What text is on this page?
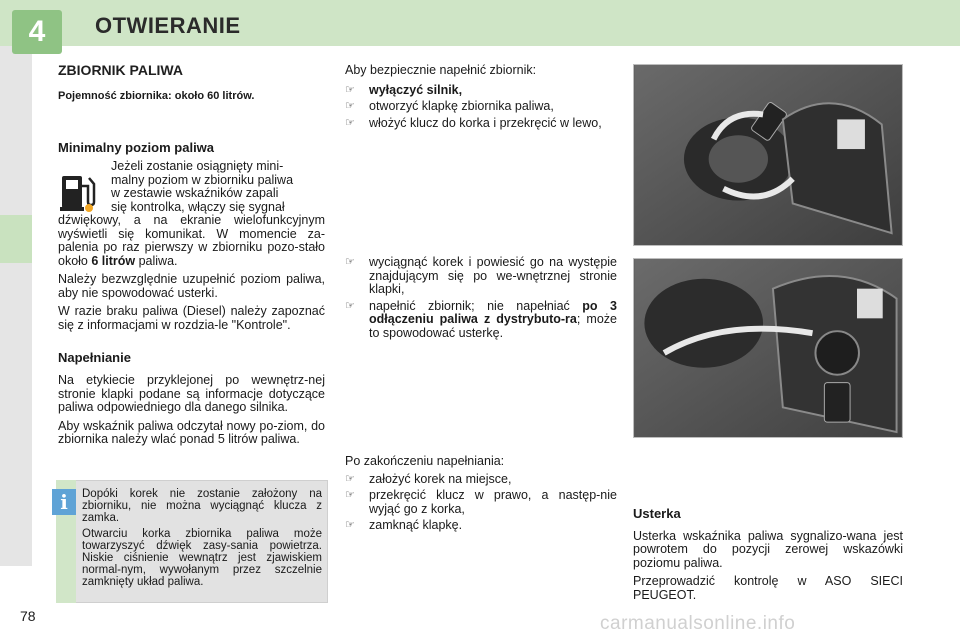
4	OTWIERANIE
ZBIORNIK PALIWA
Pojemność zbiornika: około 60 litrów.
Minimalny poziom paliwa

Jeżeli zostanie osiągnięty mini-

malny poziom w zbiorniku paliwa

w zestawie wskaźników zapali

się kontrolka, włączy się sygnał

dźwiękowy, a na ekranie wielofunkcyjnym wyświetli się komunikat. W momencie za-palenia po raz pierwszy w zbiorniku pozo-stało około 6 litrów paliwa.

Należy bezwzględnie uzupełnić poziom paliwa, aby nie spowodować usterki.

W razie braku paliwa (Diesel) należy zapoznać się z informacjami w rozdzia-le "Kontrole".

Napełnianie

Na etykiecie przyklejonej po wewnętrz-nej stronie klapki podane są informacje dotyczące paliwa odpowiedniego dla danego silnika.

Aby wskaźnik paliwa odczytał nowy po-ziom, do zbiornika należy wlać ponad 5 litrów paliwa.

i	Dopóki korek nie zostanie założony na zbiorniku, nie można wyciągnąć klucza z zamka.

Otwarciu korka zbiornika paliwa może towarzyszyć dźwięk zasy-sania powietrza. Niskie ciśnienie wewnątrz jest zjawiskiem normal-nym, wywołanym przez szczelnie zamknięty układ paliwa.

Aby bezpiecznie napełnić zbiornik:

☞	wyłączyć silnik,
☞	otworzyć klapkę zbiornika paliwa,
☞	włożyć klucz do korka i przekręcić w lewo,
☞	wyciągnąć korek i powiesić go na występie znajdującym się po we-wnętrznej stronie klapki,
☞	napełnić zbiornik; nie napełniać po 3 odłączeniu paliwa z dystrybuto-ra; może to spowodować usterkę.

Po zakończeniu napełniania:

☞	założyć korek na miejsce,
☞	przekręcić klucz w prawo, a następ-nie wyjąć go z korka,
☞	zamknąć klapkę.
Usterka

Usterka wskaźnika paliwa sygnalizo-wana jest powrotem do pozycji zerowej wskazówki poziomu paliwa.

Przeprowadzić kontrolę w ASO SIECI PEUGEOT.

78	carmanualsonline.info
